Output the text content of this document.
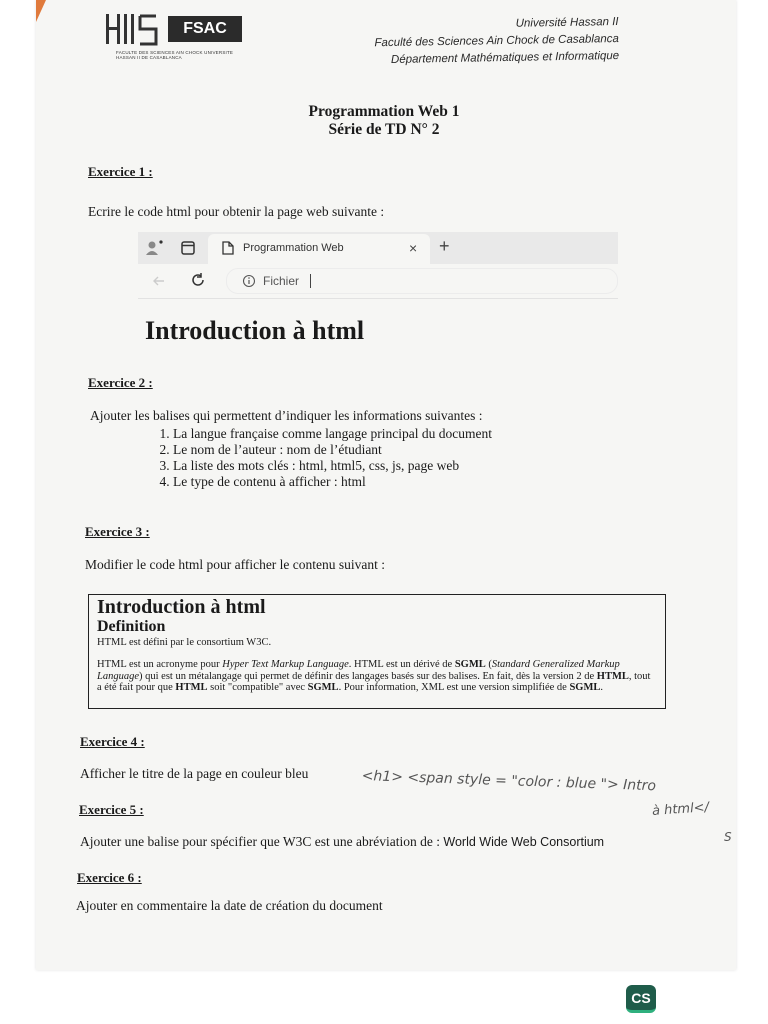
FSAC
FACULTE DES SCIENCES AIN CHOCK UNIVERSITE HASSAN II DE CASABLANCA
Université Hassan II
Faculté des Sciences Ain Chock de Casablanca
Département Mathématiques et Informatique
Programmation Web 1
Série de TD N° 2
Exercice 1 :
Ecrire le code html pour obtenir la page web suivante :
Programmation Web	× +
Fichier
Introduction à html
Exercice 2 :
Ajouter les balises qui permettent d’indiquer les informations suivantes :
1. La langue française comme langage principal du document
2. Le nom de l’auteur : nom de l’étudiant
3. La liste des mots clés : html, html5, css, js, page web
4. Le type de contenu à afficher : html
Exercice 3 :
Modifier le code html pour afficher le contenu suivant :
Introduction à html
Definition
HTML est défini par le consortium W3C.
HTML est un acronyme pour Hyper Text Markup Language. HTML est un dérivé de SGML (Standard Generalized Markup Language) qui est un métalangage qui permet de définir des langages basés sur des balises. En fait, dès la version 2 de HTML, tout a été fait pour que HTML soit "compatible" avec SGML. Pour information, XML est une version simplifiée de SGML.
Exercice 4 :
Afficher le titre de la page en couleur bleu	<h1> <span style = "color : blue "> Intro
à html</
Exercice 5 :
Ajouter une balise pour spécifier que W3C est une abréviation de : World Wide Web Consortium	S
Exercice 6 :
Ajouter en commentaire la date de création du document
CS
